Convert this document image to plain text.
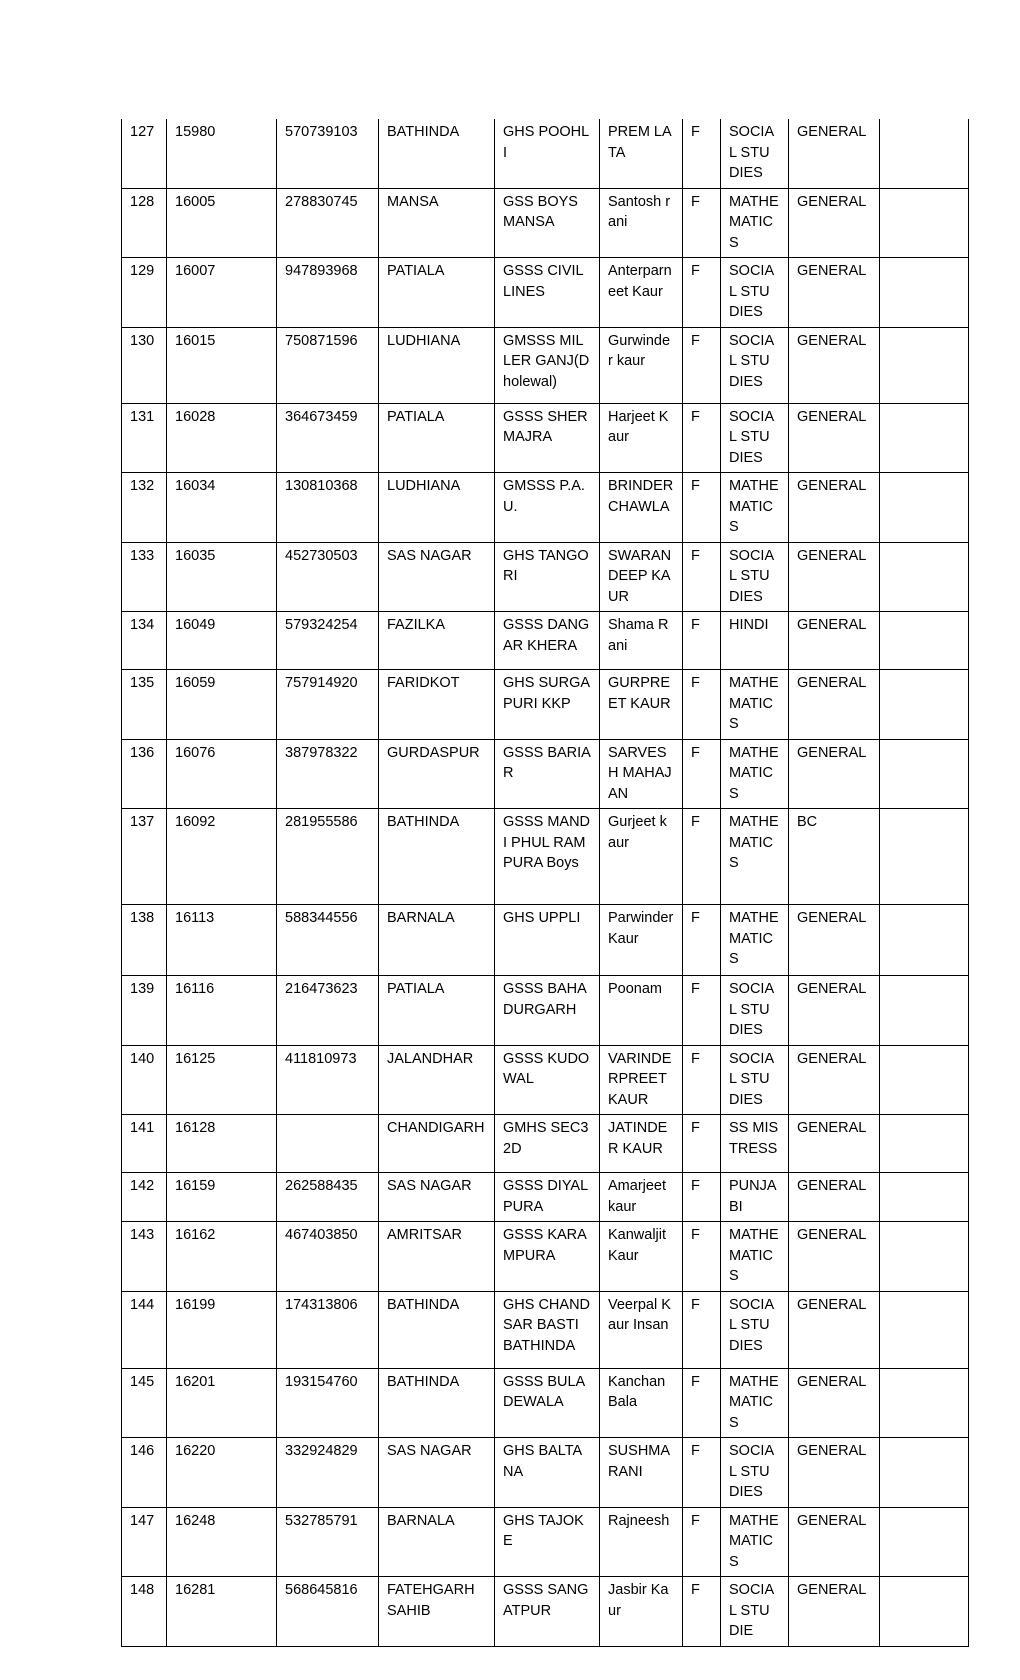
127	15980	570739103	BATHINDA	GHS POOHLI	PREM LATA	F	SOCIAL STUDIES	GENERAL	
128	16005	278830745	MANSA	GSS BOYS MANSA	Santosh rani	F	MATHEMATICS	GENERAL	
129	16007	947893968	PATIALA	GSSS CIVIL LINES	Anterparneet Kaur	F	SOCIAL STUDIES	GENERAL	
130	16015	750871596	LUDHIANA	GMSSS MILLER GANJ(Dholewal)	Gurwinder kaur	F	SOCIAL STUDIES	GENERAL	
131	16028	364673459	PATIALA	GSSS SHERMAJRA	Harjeet Kaur	F	SOCIAL STUDIES	GENERAL	
132	16034	130810368	LUDHIANA	GMSSS P.A.U.	BRINDER CHAWLA	F	MATHEMATICS	GENERAL	
133	16035	452730503	SAS NAGAR	GHS TANGORI	SWARANDEEP KAUR	F	SOCIAL STUDIES	GENERAL	
134	16049	579324254	FAZILKA	GSSS DANGAR KHERA	Shama Rani	F	HINDI	GENERAL	
135	16059	757914920	FARIDKOT	GHS SURGAPURI KKP	GURPREET KAUR	F	MATHEMATICS	GENERAL	
136	16076	387978322	GURDASPUR	GSSS BARIAR	SARVESH MAHAJAN	F	MATHEMATICS	GENERAL	
137	16092	281955586	BATHINDA	GSSS MANDI PHUL RAMPURA Boys	Gurjeet kaur	F	MATHEMATICS	BC	
138	16113	588344556	BARNALA	GHS UPPLI	Parwinder Kaur	F	MATHEMATICS	GENERAL	
139	16116	216473623	PATIALA	GSSS BAHADURGARH	Poonam	F	SOCIAL STUDIES	GENERAL	
140	16125	411810973	JALANDHAR	GSSS KUDOWAL	VARINDERPREET KAUR	F	SOCIAL STUDIES	GENERAL	
141	16128		CHANDIGARH	GMHS SEC32D	JATINDER KAUR	F	SS MISTRESS	GENERAL	
142	16159	262588435	SAS NAGAR	GSSS DIYALPURA	Amarjeet kaur	F	PUNJABI	GENERAL	
143	16162	467403850	AMRITSAR	GSSS KARAMPURA	Kanwaljit Kaur	F	MATHEMATICS	GENERAL	
144	16199	174313806	BATHINDA	GHS CHANDSAR BASTI BATHINDA	Veerpal Kaur Insan	F	SOCIAL STUDIES	GENERAL	
145	16201	193154760	BATHINDA	GSSS BULADEWALA	Kanchan Bala	F	MATHEMATICS	GENERAL	
146	16220	332924829	SAS NAGAR	GHS BALTANA	SUSHMA RANI	F	SOCIAL STUDIES	GENERAL	
147	16248	532785791	BARNALA	GHS TAJOKE	Rajneesh	F	MATHEMATICS	GENERAL	
148	16281	568645816	FATEHGARH SAHIB	GSSS SANGATPUR	Jasbir Kaur	F	SOCIAL STUDIE	GENERAL	
